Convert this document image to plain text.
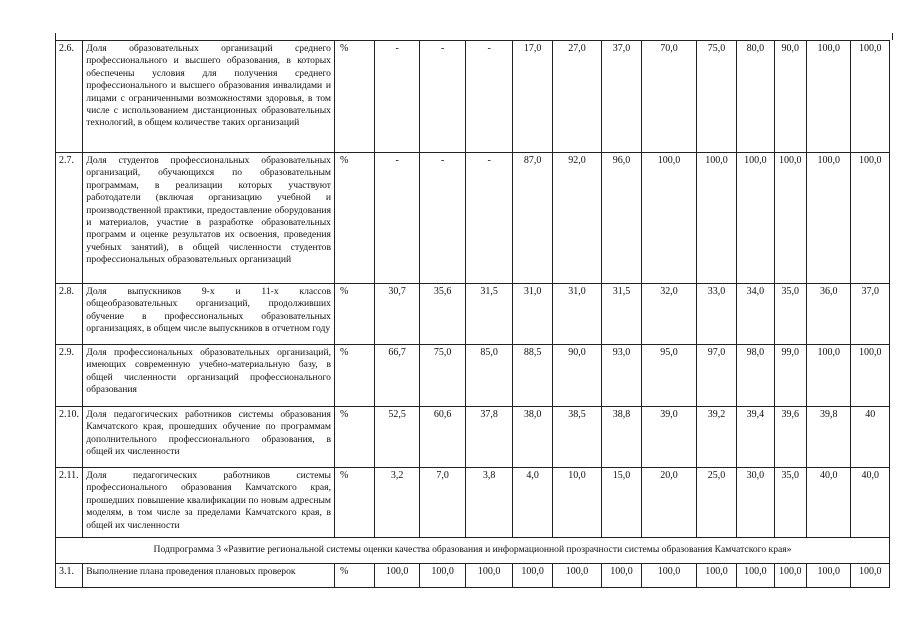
2.6.	Доля образовательных организаций среднего профессионального и высшего образования, в которых обеспечены условия для получения среднего профессионального и высшего образования инвалидами и лицами с ограниченными возможностями здоровья, в том числе с использованием дистанционных образовательных технологий, в общем количестве таких организаций	%	-	-	-	17,0	27,0	37,0	70,0	75,0	80,0	90,0	100,0	100,0
2.7.	Доля студентов профессиональных образовательных организаций, обучающихся по образовательным программам, в реализации которых участвуют работодатели (включая организацию учебной и производственной практики, предоставление оборудования и материалов, участие в разработке образовательных программ и оценке результатов их освоения, проведения учебных занятий), в общей численности студентов профессиональных образовательных организаций	%	-	-	-	87,0	92,0	96,0	100,0	100,0	100,0	100,0	100,0	100,0
2.8.	Доля выпускников 9-х и 11-х классов общеобразовательных организаций, продолживших обучение в профессиональных образовательных организациях, в общем числе выпускников в отчетном году	%	30,7	35,6	31,5	31,0	31,0	31,5	32,0	33,0	34,0	35,0	36,0	37,0
2.9.	Доля профессиональных образовательных организаций, имеющих современную учебно-материальную базу, в общей численности организаций профессионального образования	%	66,7	75,0	85,0	88,5	90,0	93,0	95,0	97,0	98,0	99,0	100,0	100,0
2.10.	Доля педагогических работников системы образования Камчатского края, прошедших обучение по программам дополнительного профессионального образования, в общей их численности	%	52,5	60,6	37,8	38,0	38,5	38,8	39,0	39,2	39,4	39,6	39,8	40
2.11.	Доля педагогических работников системы профессионального образования Камчатского края, прошедших повышение квалификации по новым адресным моделям, в том числе за пределами Камчатского края, в общей их численности	%	3,2	7,0	3,8	4,0	10,0	15,0	20,0	25,0	30,0	35,0	40,0	40,0
Подпрограмма 3 «Развитие региональной системы оценки качества образования и информационной прозрачности системы образования Камчатского края»														
3.1.	Выполнение плана проведения плановых проверок	%	100,0	100,0	100,0	100,0	100,0	100,0	100,0	100,0	100,0	100,0	100,0	100,0
